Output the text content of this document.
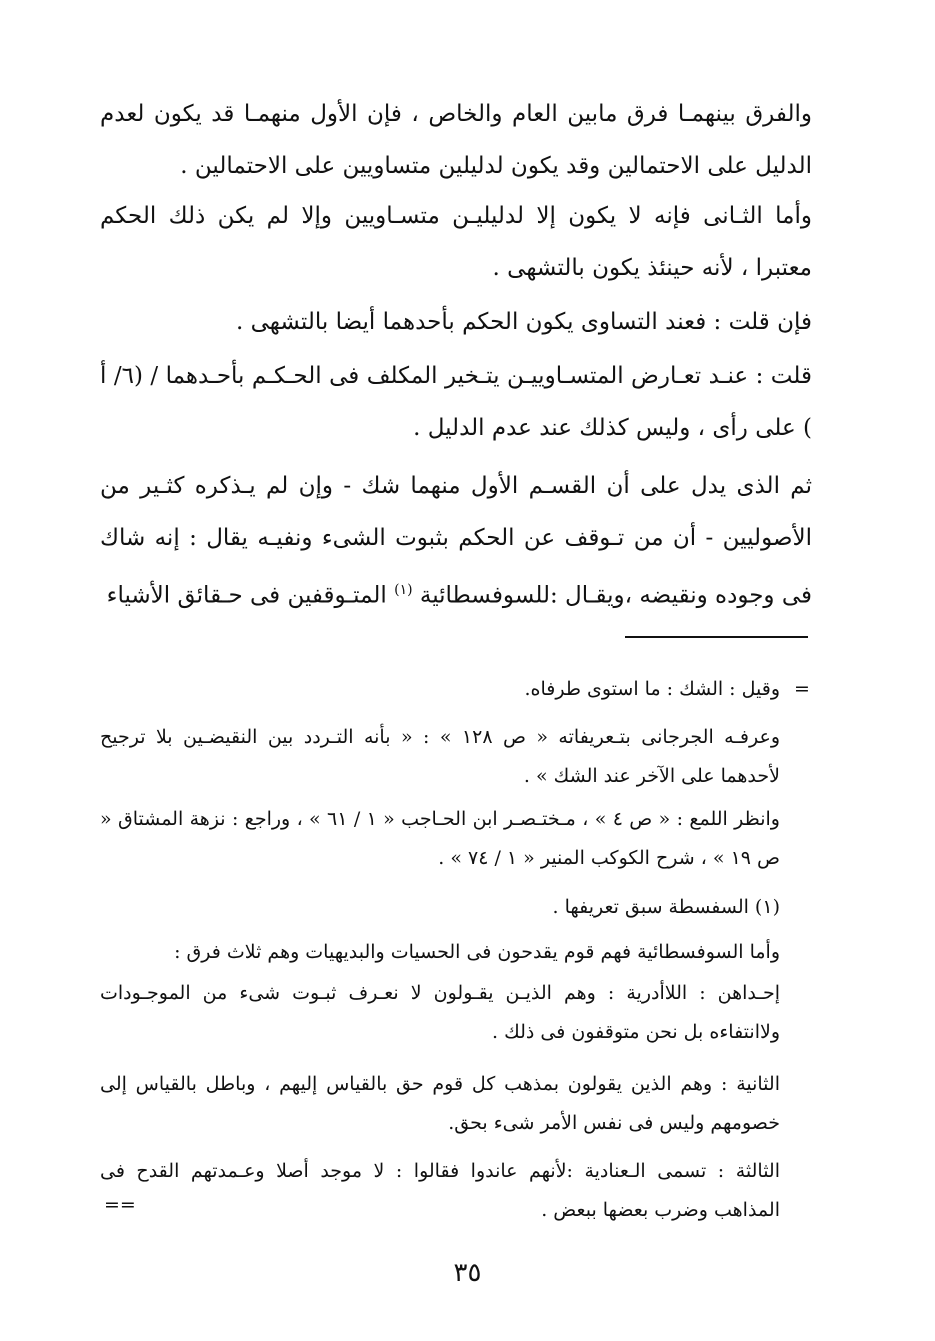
والفرق بينهمـا فرق مابين العام والخاص ، فإن الأول منهمـا قد يكون لعدم الدليل على الاحتمالين وقد يكون لدليلين متساويين على الاحتمالين .

وأما الثـانى فإنه لا يكون إلا لدليليـن متسـاويين وإلا لم يكن ذلك الحكم معتبرا ، لأنه حينئذ يكون بالتشهى .

فإن قلت : فعند التساوى يكون الحكم بأحدهما أيضا بالتشهى .

قلت : عنـد تعـارض المتسـاوييـن يتـخير المكلف فى الحـكـم بأحـدهما / (٦/ أ ) على رأى ، وليس كذلك عند عدم الدليل .

ثم الذى يدل على أن القسـم الأول منهما شك - وإن لم يـذكره كثـير من الأصوليين - أن من تـوقف عن الحكم بثبوت الشىء ونفيـه يقال : إنه شاك فى وجوده ونقيضه ،ويقـال :للسوفسطائية $^{(١)}$ المتـوقفين فى حـقائق الأشياء

=

وقيل : الشك : ما استوى طرفاه.

وعرفـه الجرجانى بتـعريفاته « ص ١٢٨ » : « بأنه التـردد بين النقيضـين بلا ترجيح لأحدهما على الآخر عند الشك » .

وانظر اللمع : « ص ٤ » ، مـختـصـر ابن الحـاجب « ١ / ٦١ » ، وراجع : نزهة المشتاق « ص ١٩ » ، شرح الكوكب المنير « ١ / ٧٤ » .

(١) السفسطة سبق تعريفها .

وأما السوفسطائية فهم قوم يقدحون فى الحسيات والبديهيات وهم ثلاث فرق :

إحـداهن : اللاأدرية : وهم الذيـن يقـولون لا نعـرف ثبـوت شىء من الموجـودات ولاانتفاءه بل نحن متوقفون فى ذلك .

الثانية : وهم الذين يقولون بمذهب كل قوم حق بالقياس إليهم ، وباطل بالقياس إلى خصومهم وليس فى نفس الأمر شىء بحق.

الثالثة : تسمى الـعنادية :لأنهم عاندوا فقالوا : لا موجد أصلا وعـمدتهم القدح فى المذاهب وضرب بعضها ببعض .

==
٣٥
